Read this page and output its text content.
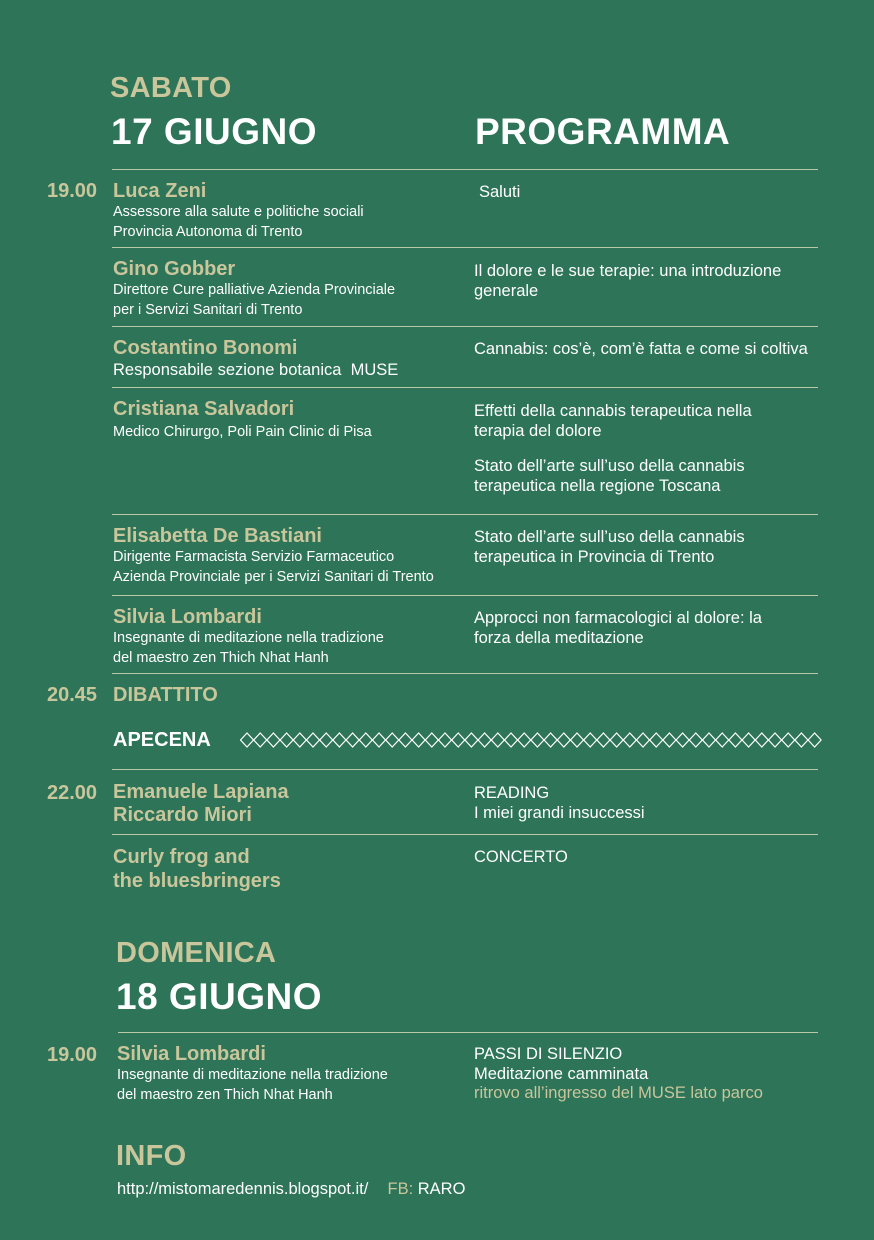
SABATO
17 GIUGNO	PROGRAMMA
19.00 Luca Zeni
Assessore alla salute e politiche sociali
Provincia Autonoma di Trento
Saluti
Gino Gobber
Direttore Cure palliative Azienda Provinciale
per i Servizi Sanitari di Trento
Il dolore e le sue terapie: una introduzione
generale
Costantino Bonomi
Responsabile sezione botanica  MUSE
Cannabis: cos’è, com’è fatta e come si coltiva
Cristiana Salvadori
Medico Chirurgo, Poli Pain Clinic di Pisa
Effetti della cannabis terapeutica nella
terapia del dolore
Stato dell’arte sull’uso della cannabis
terapeutica nella regione Toscana
Elisabetta De Bastiani
Dirigente Farmacista Servizio Farmaceutico
Azienda Provinciale per i Servizi Sanitari di Trento
Stato dell’arte sull’uso della cannabis
terapeutica in Provincia di Trento
Silvia Lombardi
Insegnante di meditazione nella tradizione
del maestro zen Thich Nhat Hanh
Approcci non farmacologici al dolore: la
forza della meditazione
20.45 DIBATTITO
APECENA
22.00 Emanuele Lapiana
Riccardo Miori
READING
I miei grandi insuccessi
Curly frog and
the bluesbringers
CONCERTO
DOMENICA
18 GIUGNO
19.00 Silvia Lombardi
Insegnante di meditazione nella tradizione
del maestro zen Thich Nhat Hanh
PASSI DI SILENZIO
Meditazione camminata
ritrovo all’ingresso del MUSE lato parco
INFO
http://mistomaredennis.blogspot.it/ FB: RARO
